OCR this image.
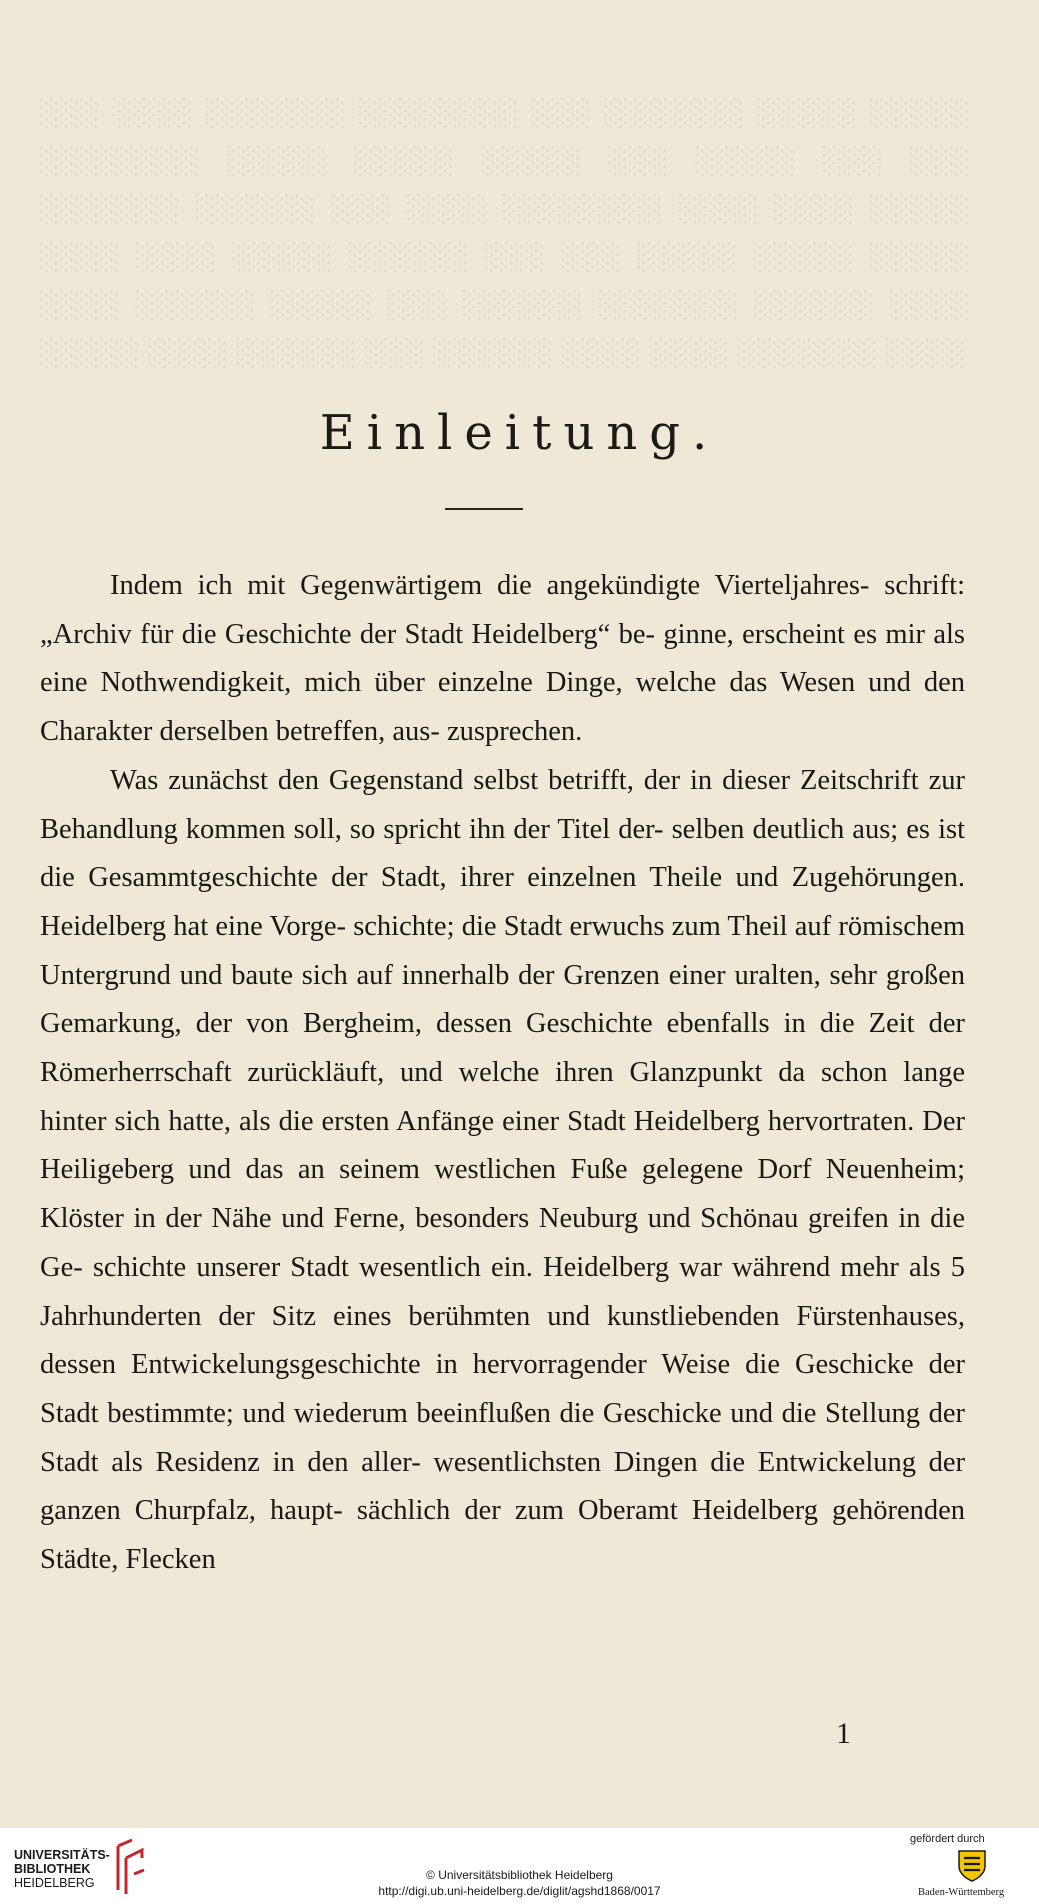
░░░ ░░░░ ░░░░░░░ ░░░░░░░░ ░░░ ░░░░░░░ ░░░░░ ░░░░░ ░░░░░░░░ ░░░░░ ░░░░░ ░░░░░ ░░░ ░░░░░ ░░░ ░░░ ░░░░░░░ ░░░░░░ ░░░ ░░░░ ░░░░░░░░ ░░░░ ░░░░ ░░░░░ ░░░░ ░░░░ ░░░░░ ░░░░░░ ░░░ ░░░ ░░░░░ ░░░░░ ░░░░░ ░░░░ ░░░░░░ ░░░░░ ░░░ ░░░░░░ ░░░░░░░ ░░░░░░ ░░░░ ░░░░░ ░░░░ ░░░░░░ ░░░ ░░░░░░ ░░░░ ░░░░ ░░░░░░░ ░░░░
Einleitung.

Indem ich mit Gegenwärtigem die angekündigte Vierteljahres- schrift: „Archiv für die Geschichte der Stadt Heidelberg“ be- ginne, erscheint es mir als eine Nothwendigkeit, mich über einzelne Dinge, welche das Wesen und den Charakter derselben betreffen, aus- zusprechen.

Was zunächst den Gegenstand selbst betrifft, der in dieser Zeitschrift zur Behandlung kommen soll, so spricht ihn der Titel der- selben deutlich aus; es ist die Gesammtgeschichte der Stadt, ihrer einzelnen Theile und Zugehörungen. Heidelberg hat eine Vorge- schichte; die Stadt erwuchs zum Theil auf römischem Untergrund und baute sich auf innerhalb der Grenzen einer uralten, sehr großen Gemarkung, der von Bergheim, dessen Geschichte ebenfalls in die Zeit der Römerherrschaft zurückläuft, und welche ihren Glanzpunkt da schon lange hinter sich hatte, als die ersten Anfänge einer Stadt Heidelberg hervortraten. Der Heiligeberg und das an seinem westlichen Fuße gelegene Dorf Neuenheim; Klöster in der Nähe und Ferne, besonders Neuburg und Schönau greifen in die Ge- schichte unserer Stadt wesentlich ein. Heidelberg war während mehr als 5 Jahrhunderten der Sitz eines berühmten und kunstliebenden Fürstenhauses, dessen Entwickelungsgeschichte in hervorragender Weise die Geschicke der Stadt bestimmte; und wiederum beeinflußen die Geschicke und die Stellung der Stadt als Residenz in den aller- wesentlichsten Dingen die Entwickelung der ganzen Churpfalz, haupt- sächlich der zum Oberamt Heidelberg gehörenden Städte, Flecken

1
UNIVERSITÄTS-
BIBLIOTHEK
HEIDELBERG
© Universitätsbibliothek Heidelberg
http://digi.ub.uni-heidelberg.de/diglit/agshd1868/0017
gefördert durch
Baden-Württemberg
